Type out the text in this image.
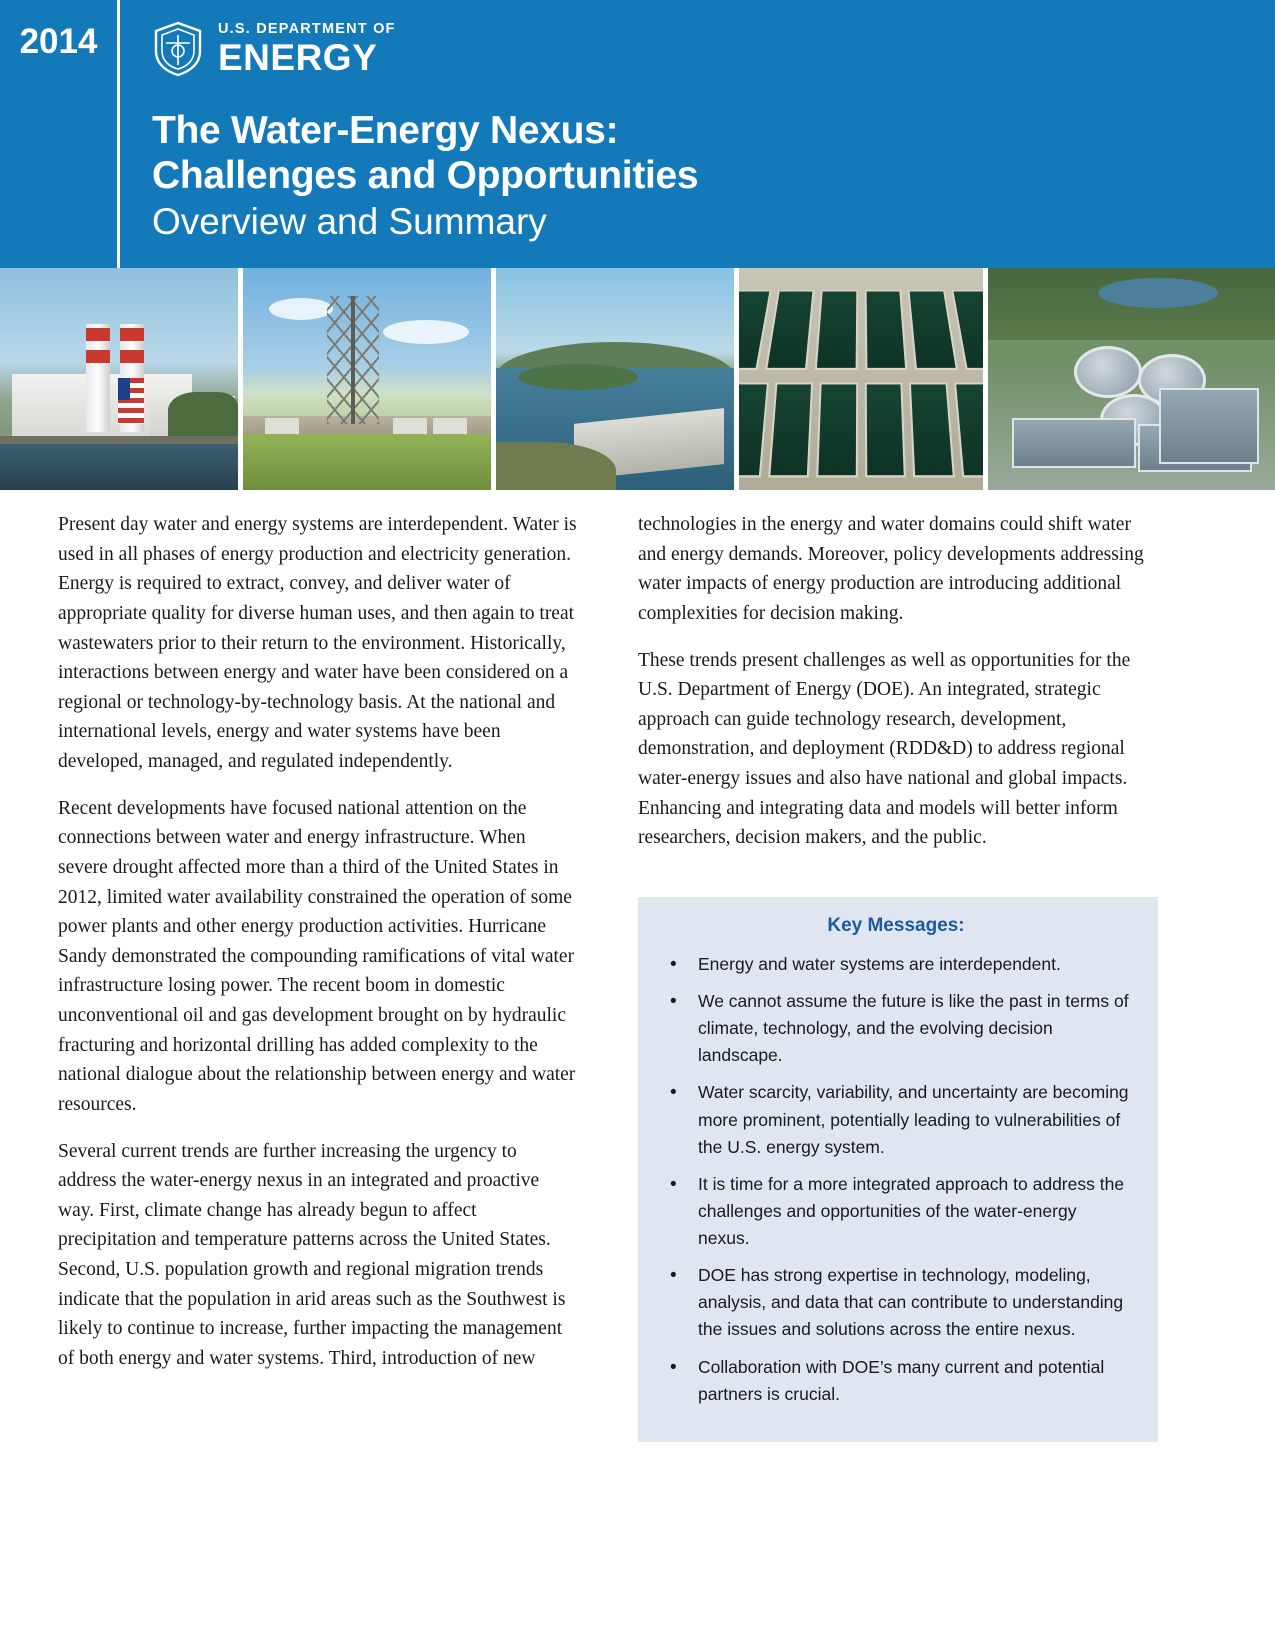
2014	U.S. DEPARTMENT OF
ENERGY
The Water-Energy Nexus:
Challenges and Opportunities
Overview and Summary

Present day water and energy systems are interdependent. Water is used in all phases of energy production and electricity generation. Energy is required to extract, convey, and deliver water of appropriate quality for diverse human uses, and then again to treat wastewaters prior to their return to the environment. Historically, interactions between energy and water have been considered on a regional or technology-by-technology basis. At the national and international levels, energy and water systems have been developed, managed, and regulated independently.

Recent developments have focused national attention on the connections between water and energy infrastructure. When severe drought affected more than a third of the United States in 2012, limited water availability constrained the operation of some power plants and other energy production activities. Hurricane Sandy demonstrated the compounding ramifications of vital water infrastructure losing power. The recent boom in domestic unconventional oil and gas development brought on by hydraulic fracturing and horizontal drilling has added complexity to the national dialogue about the relationship between energy and water resources.

Several current trends are further increasing the urgency to address the water-energy nexus in an integrated and proactive way. First, climate change has already begun to affect precipitation and temperature patterns across the United States. Second, U.S. population growth and regional migration trends indicate that the population in arid areas such as the Southwest is likely to continue to increase, further impacting the management of both energy and water systems. Third, introduction of new

technologies in the energy and water domains could shift water and energy demands. Moreover, policy developments addressing water impacts of energy production are introducing additional complexities for decision making.

These trends present challenges as well as opportunities for the U.S. Department of Energy (DOE). An integrated, strategic approach can guide technology research, development, demonstration, and deployment (RDD&D) to address regional water-energy issues and also have national and global impacts. Enhancing and integrating data and models will better inform researchers, decision makers, and the public.

Key Messages:
• Energy and water systems are interdependent.
• We cannot assume the future is like the past in terms of climate, technology, and the evolving decision landscape.
• Water scarcity, variability, and uncertainty are becoming more prominent, potentially leading to vulnerabilities of the U.S. energy system.
• It is time for a more integrated approach to address the challenges and opportunities of the water-energy nexus.
• DOE has strong expertise in technology, modeling, analysis, and data that can contribute to understanding the issues and solutions across the entire nexus.
• Collaboration with DOE’s many current and potential partners is crucial.
